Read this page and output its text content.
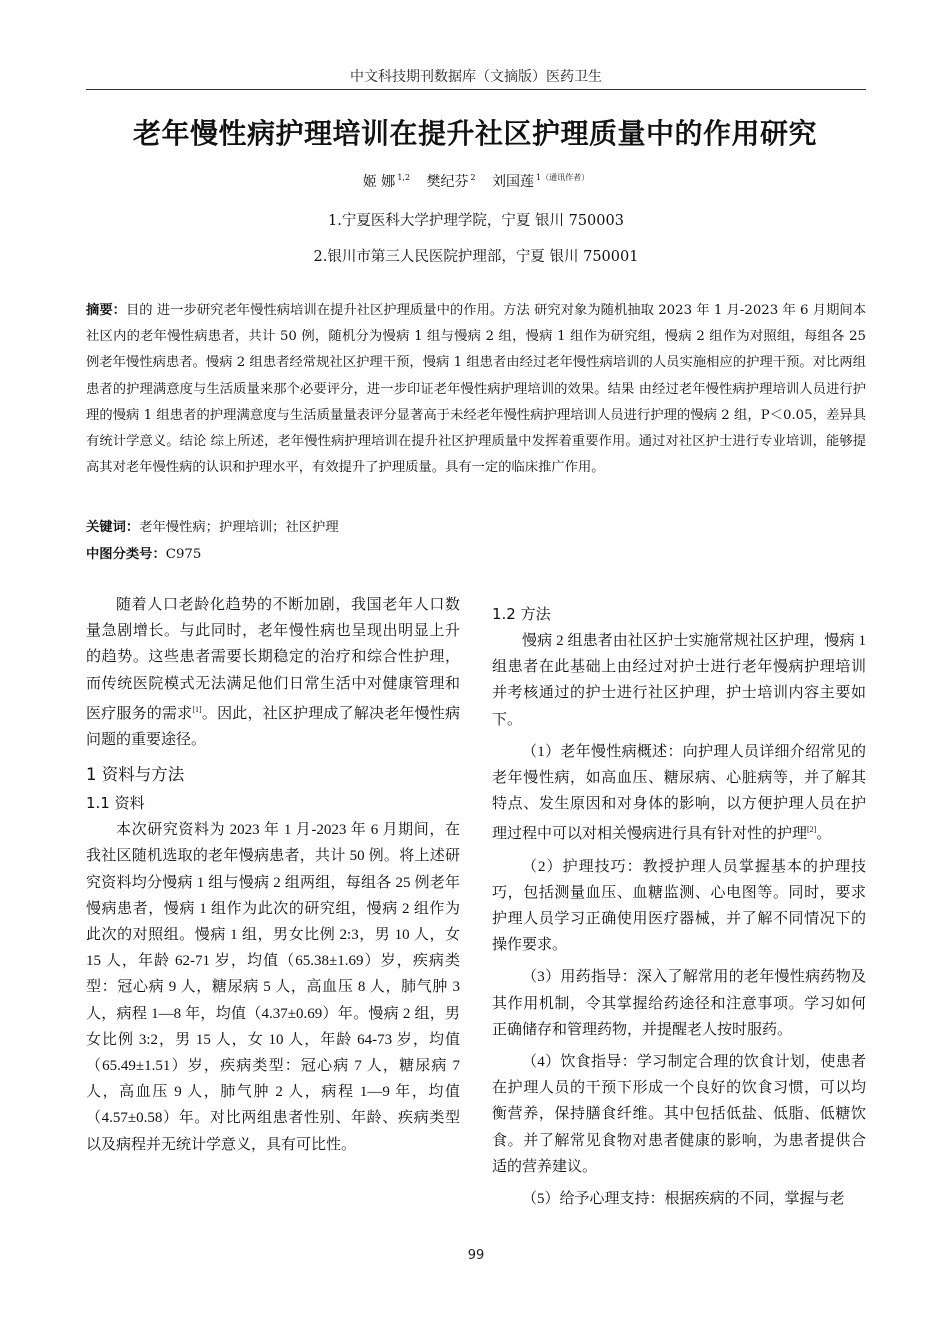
中文科技期刊数据库（文摘版）医药卫生
老年慢性病护理培训在提升社区护理质量中的作用研究
姬 娜 $^{1,2}$ 樊纪芬 $^2$ 刘国莲 $^{1(通讯作者)}$
1.宁夏医科大学护理学院，宁夏 银川 750003
2.银川市第三人民医院护理部，宁夏 银川 750001

摘要：目的 进一步研究老年慢性病培训在提升社区护理质量中的作用。方法 研究对象为随机抽取 2023 年 1 月-2023 年 6 月期间本社区内的老年慢性病患者，共计 50 例，随机分为慢病 1 组与慢病 2 组，慢病 1 组作为研究组，慢病 2 组作为对照组，每组各 25 例老年慢性病患者。慢病 2 组患者经常规社区护理干预，慢病 1 组患者由经过老年慢性病培训的人员实施相应的护理干预。对比两组患者的护理满意度与生活质量来那个必要评分，进一步印证老年慢性病护理培训的效果。结果 由经过老年慢性病护理培训人员进行护理的慢病 1 组患者的护理满意度与生活质量量表评分显著高于未经老年慢性病护理培训人员进行护理的慢病 2 组，P＜0.05，差异具有统计学意义。结论 综上所述，老年慢性病护理培训在提升社区护理质量中发挥着重要作用。通过对社区护士进行专业培训，能够提高其对老年慢性病的认识和护理水平，有效提升了护理质量。具有一定的临床推广作用。

关键词：老年慢性病；护理培训；社区护理
中图分类号：C975

随着人口老龄化趋势的不断加剧，我国老年人口数量急剧增长。与此同时，老年慢性病也呈现出明显上升的趋势。这些患者需要长期稳定的治疗和综合性护理，而传统医院模式无法满足他们日常生活中对健康管理和医疗服务的需求[1]。因此，社区护理成了解决老年慢性病问题的重要途径。

1 资料与方法
1.1 资料

本次研究资料为 2023 年 1 月-2023 年 6 月期间，在我社区随机选取的老年慢病患者，共计 50 例。将上述研究资料均分慢病 1 组与慢病 2 组两组，每组各 25 例老年慢病患者，慢病 1 组作为此次的研究组，慢病 2 组作为此次的对照组。慢病 1 组，男女比例 2:3，男 10 人，女 15 人，年龄 62-71 岁，均值（65.38±1.69）岁，疾病类型：冠心病 9 人，糖尿病 5 人，高血压 8 人，肺气肿 3 人，病程 1—8 年，均值（4.37±0.69）年。慢病 2 组，男女比例 3:2，男 15 人，女 10 人，年龄 64-73 岁，均值（65.49±1.51）岁，疾病类型：冠心病 7 人，糖尿病 7 人，高血压 9 人，肺气肿 2 人，病程 1—9 年，均值（4.57±0.58）年。对比两组患者性别、年龄、疾病类型以及病程并无统计学意义，具有可比性。

1.2 方法

慢病 2 组患者由社区护士实施常规社区护理，慢病 1 组患者在此基础上由经过对护士进行老年慢病护理培训并考核通过的护士进行社区护理，护士培训内容主要如下。

（1）老年慢性病概述：向护理人员详细介绍常见的老年慢性病，如高血压、糖尿病、心脏病等，并了解其特点、发生原因和对身体的影响，以方便护理人员在护理过程中可以对相关慢病进行具有针对性的护理[2]。

（2）护理技巧：教授护理人员掌握基本的护理技巧，包括测量血压、血糖监测、心电图等。同时，要求护理人员学习正确使用医疗器械，并了解不同情况下的操作要求。

（3）用药指导：深入了解常用的老年慢性病药物及其作用机制，令其掌握给药途径和注意事项。学习如何正确储存和管理药物，并提醒老人按时服药。

（4）饮食指导：学习制定合理的饮食计划，使患者在护理人员的干预下形成一个良好的饮食习惯，可以均衡营养，保持膳食纤维。其中包括低盐、低脂、低糖饮食。并了解常见食物对患者健康的影响，为患者提供合适的营养建议。

（5）给予心理支持：根据疾病的不同，掌握与老

99
